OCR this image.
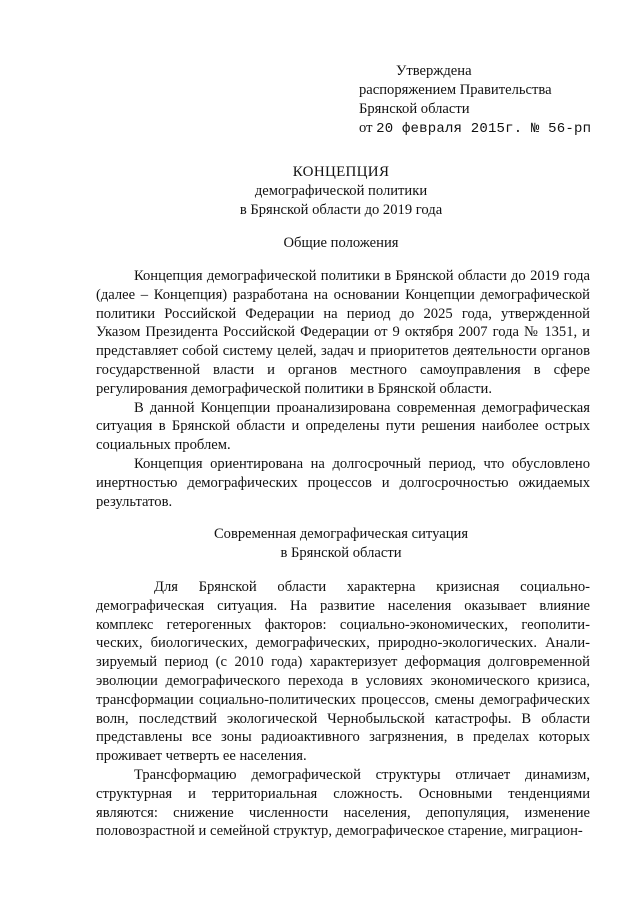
Утверждена
распоряжением Правительства
Брянской области
от 20 февраля 2015г. № 56-рп
КОНЦЕПЦИЯ
демографической политики
в Брянской области до 2019 года
Общие положения

Концепция демографической политики в Брянской области до 2019 года (далее – Концепция) разработана на основании Концепции демографической политики Российской Федерации на период до 2025 года, утвержденной Указом Президента Российской Федерации от 9 октября 2007 года № 1351, и представляет собой систему целей, задач и приоритетов деятельности органов государственной власти и органов местного самоуправления в сфере регулирования демографической политики в Брянской области.

В данной Концепции проанализирована современная демографическая ситуация в Брянской области и определены пути решения наиболее острых социальных проблем.

Концепция ориентирована на долгосрочный период, что обусловлено инертностью демографических процессов и долгосрочностью ожидаемых результатов.

Современная демографическая ситуация
в Брянской области

Для Брянской области характерна кризисная социально-демографическая ситуация. На развитие населения оказывает влияние комплекс гетерогенных факторов: социально-экономических, геополитических, биологических, демографических, природно-экологических. Анализируемый период (с 2010 года) характеризует деформация долговременной эволюции демографического перехода в условиях экономического кризиса, трансформации социально-политических процессов, смены демографических волн, последствий экологической Чернобыльской катастрофы. В области представлены все зоны радиоактивного загрязнения, в пределах которых проживает четверть ее населения.

Трансформацию демографической структуры отличает динамизм, структурная и территориальная сложность. Основными тенденциями являются: снижение численности населения, депопуляция, изменение половозрастной и семейной структур, демографическое старение, миграцион-
